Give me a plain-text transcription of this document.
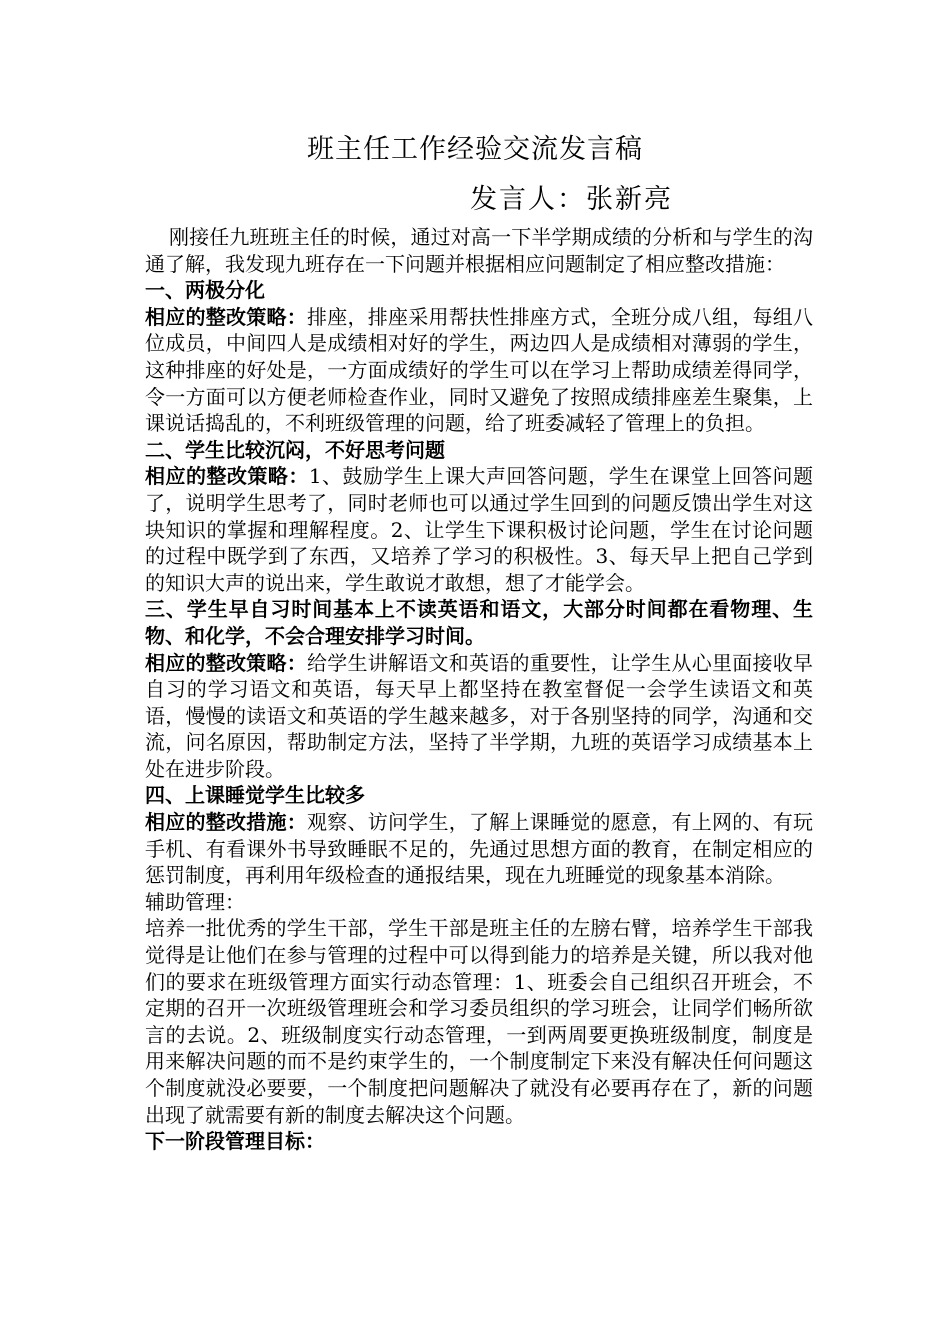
班主任工作经验交流发言稿
发言人：张新亮

刚接任九班班主任的时候，通过对高一下半学期成绩的分析和与学生的沟通了解，我发现九班存在一下问题并根据相应问题制定了相应整改措施：

一、两极分化

相应的整改策略：排座，排座采用帮扶性排座方式，全班分成八组，每组八位成员，中间四人是成绩相对好的学生，两边四人是成绩相对薄弱的学生，这种排座的好处是，一方面成绩好的学生可以在学习上帮助成绩差得同学，令一方面可以方便老师检查作业，同时又避免了按照成绩排座差生聚集，上课说话捣乱的，不利班级管理的问题，给了班委减轻了管理上的负担。

二、学生比较沉闷，不好思考问题

相应的整改策略：1、鼓励学生上课大声回答问题，学生在课堂上回答问题了，说明学生思考了，同时老师也可以通过学生回到的问题反馈出学生对这块知识的掌握和理解程度。2、让学生下课积极讨论问题，学生在讨论问题的过程中既学到了东西，又培养了学习的积极性。3、每天早上把自己学到的知识大声的说出来，学生敢说才敢想，想了才能学会。

三、学生早自习时间基本上不读英语和语文，大部分时间都在看物理、生物、和化学，不会合理安排学习时间。

相应的整改策略：给学生讲解语文和英语的重要性，让学生从心里面接收早自习的学习语文和英语，每天早上都坚持在教室督促一会学生读语文和英语，慢慢的读语文和英语的学生越来越多，对于各别坚持的同学，沟通和交流，问名原因，帮助制定方法，坚持了半学期，九班的英语学习成绩基本上处在进步阶段。

四、上课睡觉学生比较多

相应的整改措施：观察、访问学生，了解上课睡觉的愿意，有上网的、有玩手机、有看课外书导致睡眠不足的，先通过思想方面的教育，在制定相应的惩罚制度，再利用年级检查的通报结果，现在九班睡觉的现象基本消除。

辅助管理：

培养一批优秀的学生干部，学生干部是班主任的左膀右臂，培养学生干部我觉得是让他们在参与管理的过程中可以得到能力的培养是关键，所以我对他们的要求在班级管理方面实行动态管理：1、班委会自己组织召开班会，不定期的召开一次班级管理班会和学习委员组织的学习班会，让同学们畅所欲言的去说。2、班级制度实行动态管理，一到两周要更换班级制度，制度是用来解决问题的而不是约束学生的，一个制度制定下来没有解决任何问题这个制度就没必要要，一个制度把问题解决了就没有必要再存在了，新的问题出现了就需要有新的制度去解决这个问题。

下一阶段管理目标：
